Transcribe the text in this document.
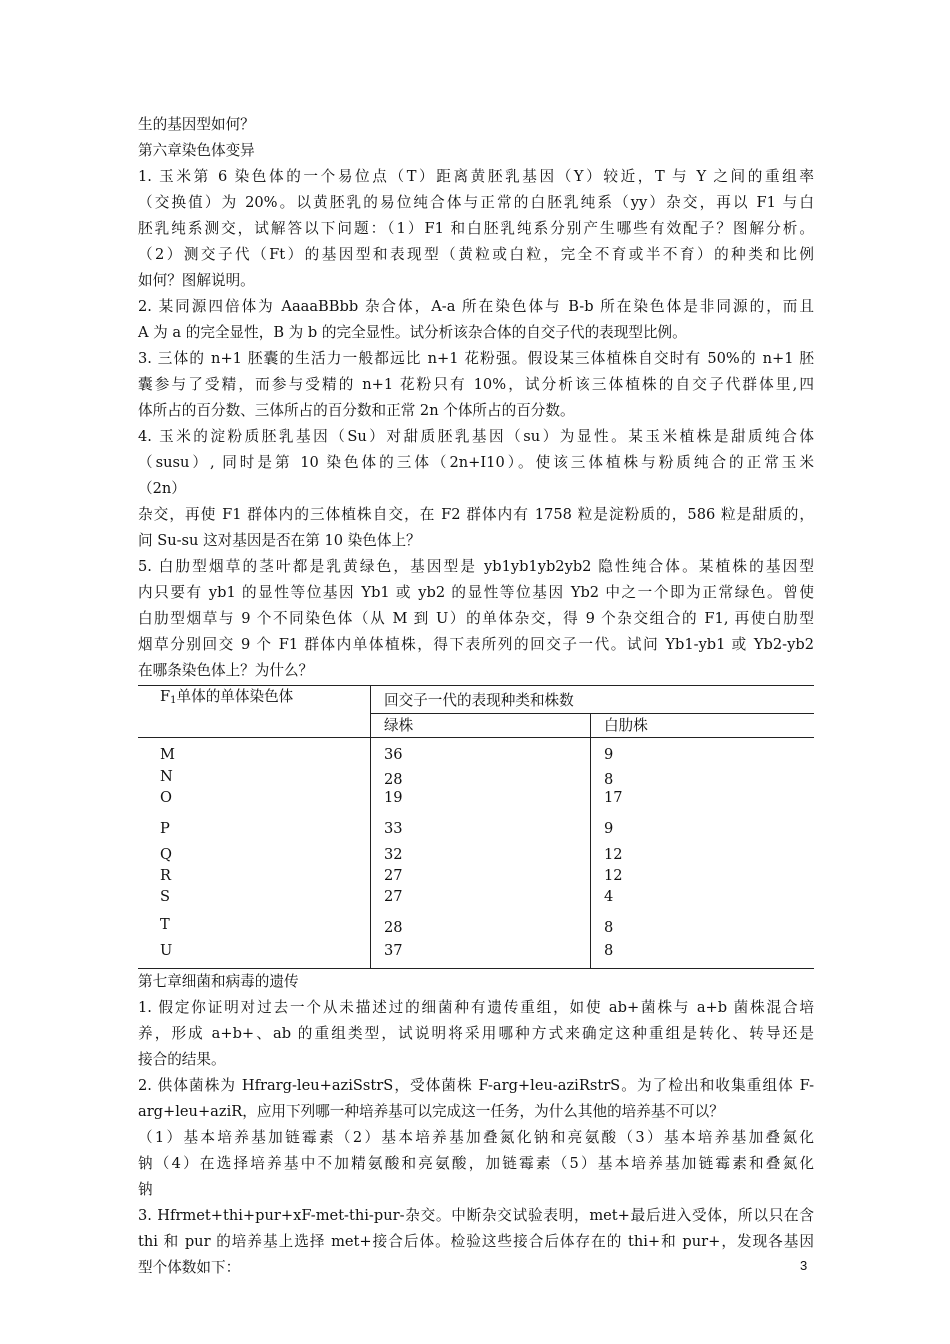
生的基因型如何？
第六章染色体变异
1. 玉米第 6 染色体的一个易位点（T）距离黄胚乳基因（Y）较近，T 与 Y 之间的重组率
（交换值）为 20%。以黄胚乳的易位纯合体与正常的白胚乳纯系（yy）杂交，再以 F1 与白
胚乳纯系测交，试解答以下问题：（1）F1 和白胚乳纯系分别产生哪些有效配子？图解分析。
（2）测交子代（Ft）的基因型和表现型（黄粒或白粒，完全不育或半不育）的种类和比例
如何？图解说明。
2. 某同源四倍体为 AaaaBBbb 杂合体，A-a 所在染色体与 B-b 所在染色体是非同源的，而且
A 为 a 的完全显性，B 为 b 的完全显性。试分析该杂合体的自交子代的表现型比例。
3. 三体的 n+1 胚囊的生活力一般都远比 n+1 花粉强。假设某三体植株自交时有 50%的 n+1 胚
囊参与了受精，而参与受精的 n+1 花粉只有 10%，试分析该三体植株的自交子代群体里,四
体所占的百分数、三体所占的百分数和正常 2n 个体所占的百分数。
4. 玉米的淀粉质胚乳基因（Su）对甜质胚乳基因（su）为显性。某玉米植株是甜质纯合体
（susu）, 同时是第 10 染色体的三体（2n+I10）。使该三体植株与粉质纯合的正常玉米
（2n）
杂交，再使 F1 群体内的三体植株自交，在 F2 群体内有 1758 粒是淀粉质的，586 粒是甜质的，
问 Su-su 这对基因是否在第 10 染色体上？
5. 白肋型烟草的茎叶都是乳黄绿色，基因型是 yb1yb1yb2yb2 隐性纯合体。某植株的基因型
内只要有 yb1 的显性等位基因 Yb1 或 yb2 的显性等位基因 Yb2 中之一个即为正常绿色。曾使
白肋型烟草与 9 个不同染色体（从 M 到 U）的单体杂交，得 9 个杂交组合的 F1, 再使白肋型
烟草分别回交 9 个 F1 群体内单体植株，得下表所列的回交子一代。试问 Yb1-yb1 或 Yb2-yb2
在哪条染色体上？为什么？
$F_1$单体的单体染色体	回交子一代的表现种类和株数
绿株	白肋株
M	36	9
N	28	8
O	19	17
P	33	9
Q	32	12
R	27	12
S	27	4
T	28	8
U	37	8
第七章细菌和病毒的遗传
1. 假定你证明对过去一个从未描述过的细菌种有遗传重组，如使 ab+菌株与 a+b 菌株混合培
养，形成 a+b+、ab 的重组类型，试说明将采用哪种方式来确定这种重组是转化、转导还是
接合的结果。
2. 供体菌株为 Hfrarg-leu+aziSstrS，受体菌株 F-arg+leu-aziRstrS。为了检出和收集重组体 F-
arg+leu+aziR，应用下列哪一种培养基可以完成这一任务，为什么其他的培养基不可以？
（1）基本培养基加链霉素（2）基本培养基加叠氮化钠和亮氨酸（3）基本培养基加叠氮化
钠（4）在选择培养基中不加精氨酸和亮氨酸，加链霉素（5）基本培养基加链霉素和叠氮化
钠
3. Hfrmet+thi+pur+xF-met-thi-pur-杂交。中断杂交试验表明，met+最后进入受体，所以只在含
thi 和 pur 的培养基上选择 met+接合后体。检验这些接合后体存在的 thi+和 pur+，发现各基因
型个体数如下：	3
